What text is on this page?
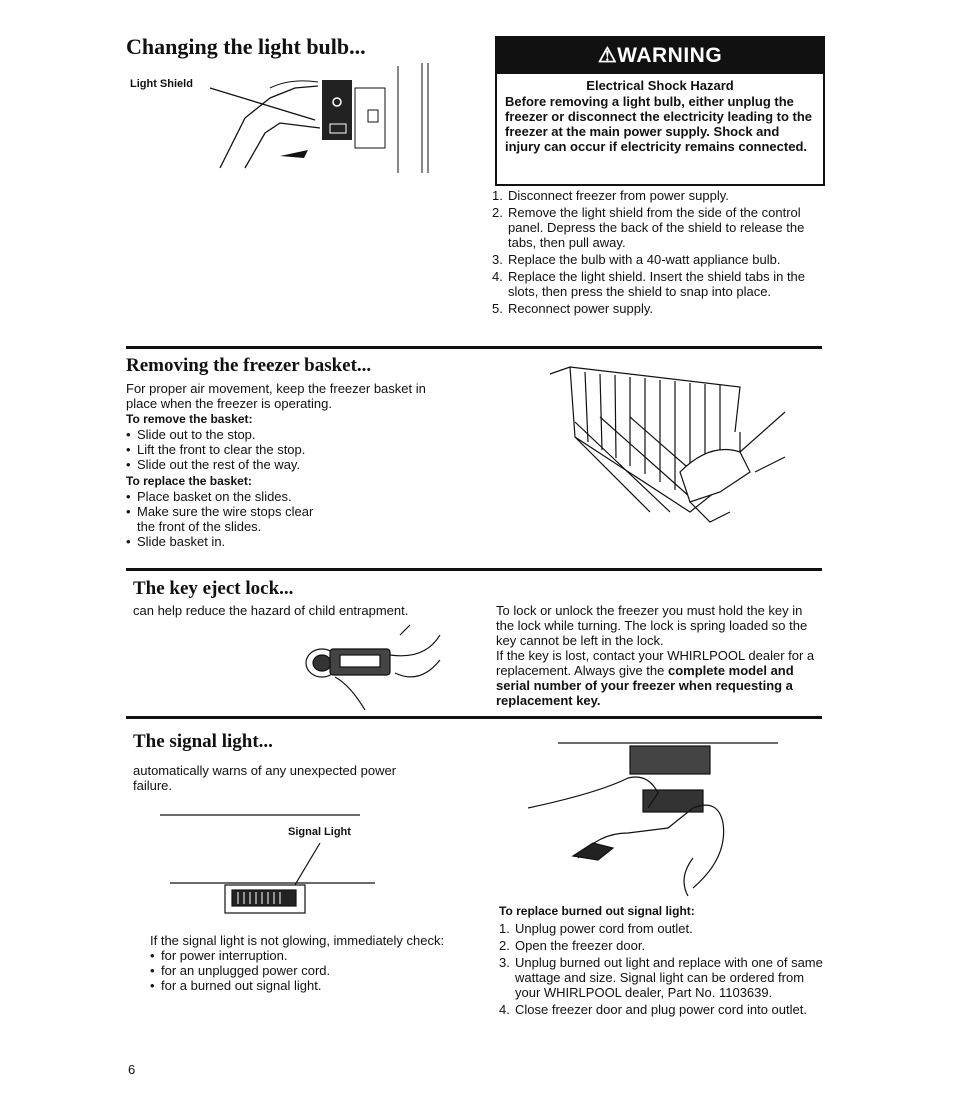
Changing the light bulb...
Light Shield
⚠WARNING
Electrical Shock Hazard
Before removing a light bulb, either unplug the freezer or disconnect the electricity leading to the freezer at the main power supply. Shock and injury can occur if electricity remains connected.
1. Disconnect freezer from power supply.
2. Remove the light shield from the side of the control panel. Depress the back of the shield to release the tabs, then pull away.
3. Replace the bulb with a 40-watt appliance bulb.
4. Replace the light shield. Insert the shield tabs in the slots, then press the shield to snap into place.
5. Reconnect power supply.
Removing the freezer basket...
For proper air movement, keep the freezer basket in place when the freezer is operating.
To remove the basket:
• Slide out to the stop.
• Lift the front to clear the stop.
• Slide out the rest of the way.
To replace the basket:
• Place basket on the slides.
• Make sure the wire stops clear the front of the slides.
• Slide basket in.
The key eject lock...
can help reduce the hazard of child entrapment.	To lock or unlock the freezer you must hold the key in the lock while turning. The lock is spring loaded so the key cannot be left in the lock.
If the key is lost, contact your WHIRLPOOL dealer for a replacement. Always give the complete model and serial number of your freezer when requesting a replacement key.
The signal light...
automatically warns of any unexpected power failure.
Signal Light
If the signal light is not glowing, immediately check:
• for power interruption.
• for an unplugged power cord.
• for a burned out signal light.
To replace burned out signal light:
1. Unplug power cord from outlet.
2. Open the freezer door.
3. Unplug burned out light and replace with one of same wattage and size. Signal light can be ordered from your WHIRLPOOL dealer, Part No. 1103639.
4. Close freezer door and plug power cord into outlet.
6
